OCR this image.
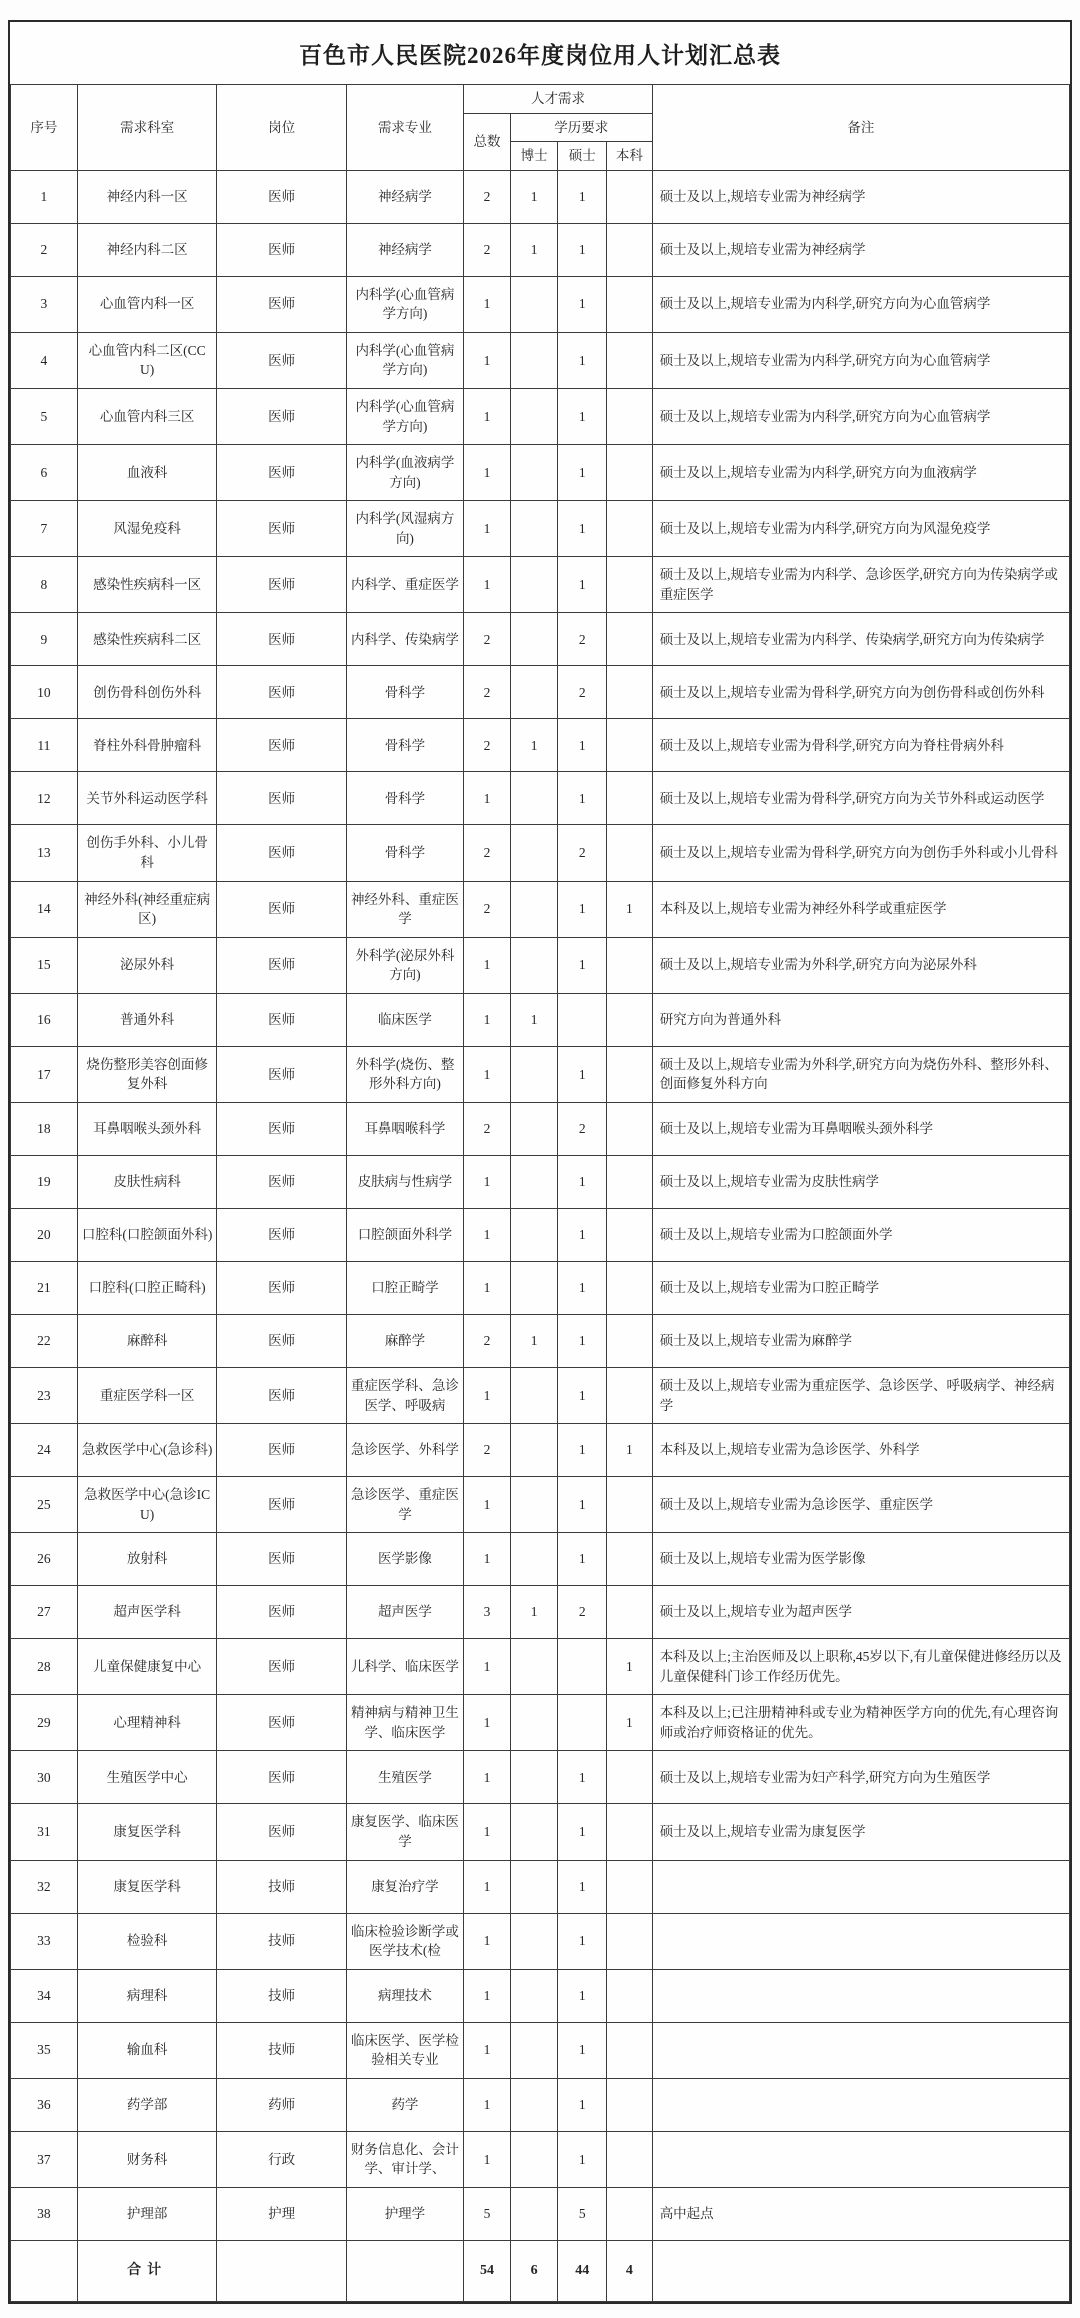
百色市人民医院2026年度岗位用人计划汇总表
序号	需求科室	岗位	需求专业	人才需求				备注
				总数	学历要求			
					博士	硕士	本科	
1	神经内科一区	医师	神经病学	2	1	1		硕士及以上,规培专业需为神经病学
2	神经内科二区	医师	神经病学	2	1	1		硕士及以上,规培专业需为神经病学
3	心血管内科一区	医师	内科学(心血管病学方向)	1		1		硕士及以上,规培专业需为内科学,研究方向为心血管病学
4	心血管内科二区(CCU)	医师	内科学(心血管病学方向)	1		1		硕士及以上,规培专业需为内科学,研究方向为心血管病学
5	心血管内科三区	医师	内科学(心血管病学方向)	1		1		硕士及以上,规培专业需为内科学,研究方向为心血管病学
6	血液科	医师	内科学(血液病学方向)	1		1		硕士及以上,规培专业需为内科学,研究方向为血液病学
7	风湿免疫科	医师	内科学(风湿病方向)	1		1		硕士及以上,规培专业需为内科学,研究方向为风湿免疫学
8	感染性疾病科一区	医师	内科学、重症医学	1		1		硕士及以上,规培专业需为内科学、急诊医学,研究方向为传染病学或重症医学
9	感染性疾病科二区	医师	内科学、传染病学	2		2		硕士及以上,规培专业需为内科学、传染病学,研究方向为传染病学
10	创伤骨科创伤外科	医师	骨科学	2		2		硕士及以上,规培专业需为骨科学,研究方向为创伤骨科或创伤外科
11	脊柱外科骨肿瘤科	医师	骨科学	2	1	1		硕士及以上,规培专业需为骨科学,研究方向为脊柱骨病外科
12	关节外科运动医学科	医师	骨科学	1		1		硕士及以上,规培专业需为骨科学,研究方向为关节外科或运动医学
13	创伤手外科、小儿骨科	医师	骨科学	2		2		硕士及以上,规培专业需为骨科学,研究方向为创伤手外科或小儿骨科
14	神经外科(神经重症病区)	医师	神经外科、重症医学	2		1	1	本科及以上,规培专业需为神经外科学或重症医学
15	泌尿外科	医师	外科学(泌尿外科方向)	1		1		硕士及以上,规培专业需为外科学,研究方向为泌尿外科
16	普通外科	医师	临床医学	1	1			研究方向为普通外科
17	烧伤整形美容创面修复外科	医师	外科学(烧伤、整形外科方向)	1		1		硕士及以上,规培专业需为外科学,研究方向为烧伤外科、整形外科、创面修复外科方向
18	耳鼻咽喉头颈外科	医师	耳鼻咽喉科学	2		2		硕士及以上,规培专业需为耳鼻咽喉头颈外科学
19	皮肤性病科	医师	皮肤病与性病学	1		1		硕士及以上,规培专业需为皮肤性病学
20	口腔科(口腔颌面外科)	医师	口腔颌面外科学	1		1		硕士及以上,规培专业需为口腔颌面外学
21	口腔科(口腔正畸科)	医师	口腔正畸学	1		1		硕士及以上,规培专业需为口腔正畸学
22	麻醉科	医师	麻醉学	2	1	1		硕士及以上,规培专业需为麻醉学
23	重症医学科一区	医师	重症医学科、急诊医学、呼吸病	1		1		硕士及以上,规培专业需为重症医学、急诊医学、呼吸病学、神经病学
24	急救医学中心(急诊科)	医师	急诊医学、外科学	2		1	1	本科及以上,规培专业需为急诊医学、外科学
25	急救医学中心(急诊ICU)	医师	急诊医学、重症医学	1		1		硕士及以上,规培专业需为急诊医学、重症医学
26	放射科	医师	医学影像	1		1		硕士及以上,规培专业需为医学影像
27	超声医学科	医师	超声医学	3	1	2		硕士及以上,规培专业为超声医学
28	儿童保健康复中心	医师	儿科学、临床医学	1			1	本科及以上;主治医师及以上职称,45岁以下,有儿童保健进修经历以及儿童保健科门诊工作经历优先。
29	心理精神科	医师	精神病与精神卫生学、临床医学	1			1	本科及以上;已注册精神科或专业为精神医学方向的优先,有心理咨询师或治疗师资格证的优先。
30	生殖医学中心	医师	生殖医学	1		1		硕士及以上,规培专业需为妇产科学,研究方向为生殖医学
31	康复医学科	医师	康复医学、临床医学	1		1		硕士及以上,规培专业需为康复医学
32	康复医学科	技师	康复治疗学	1		1		
33	检验科	技师	临床检验诊断学或医学技术(检	1		1		
34	病理科	技师	病理技术	1		1		
35	输血科	技师	临床医学、医学检验相关专业	1		1		
36	药学部	药师	药学	1		1		
37	财务科	行政	财务信息化、会计学、审计学、	1		1		
38	护理部	护理	护理学	5		5		高中起点
	合计			54	6	44	4	
